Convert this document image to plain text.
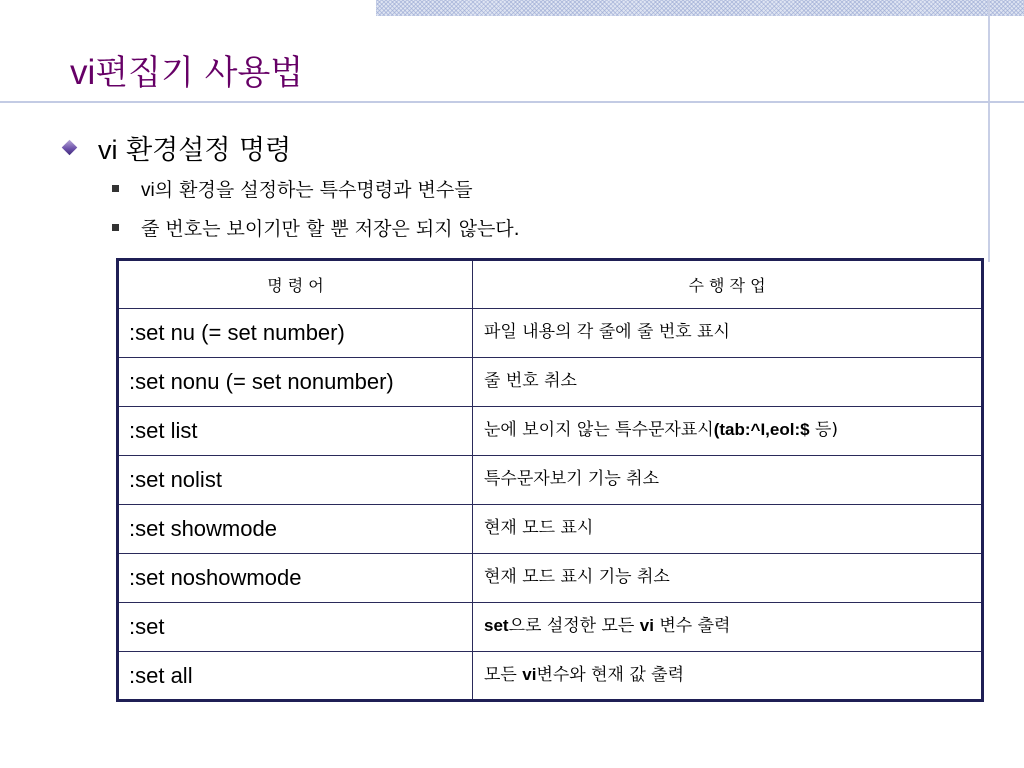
vi편집기 사용법
vi 환경설정 명령
vi의 환경을 설정하는 특수명령과 변수들
줄 번호는 보이기만 할 뿐 저장은 되지 않는다.
명 령 어	수 행 작 업
:set nu (= set number)	파일 내용의 각 줄에 줄 번호 표시
:set nonu (= set nonumber)	줄 번호 취소
:set list	눈에 보이지 않는 특수문자표시(tab:^I,eol:$ 등)
:set nolist	특수문자보기 기능 취소
:set showmode	현재 모드 표시
:set noshowmode	현재 모드 표시 기능 취소
:set	set으로 설정한 모든 vi 변수 출력
:set all	모든 vi변수와 현재 값 출력
